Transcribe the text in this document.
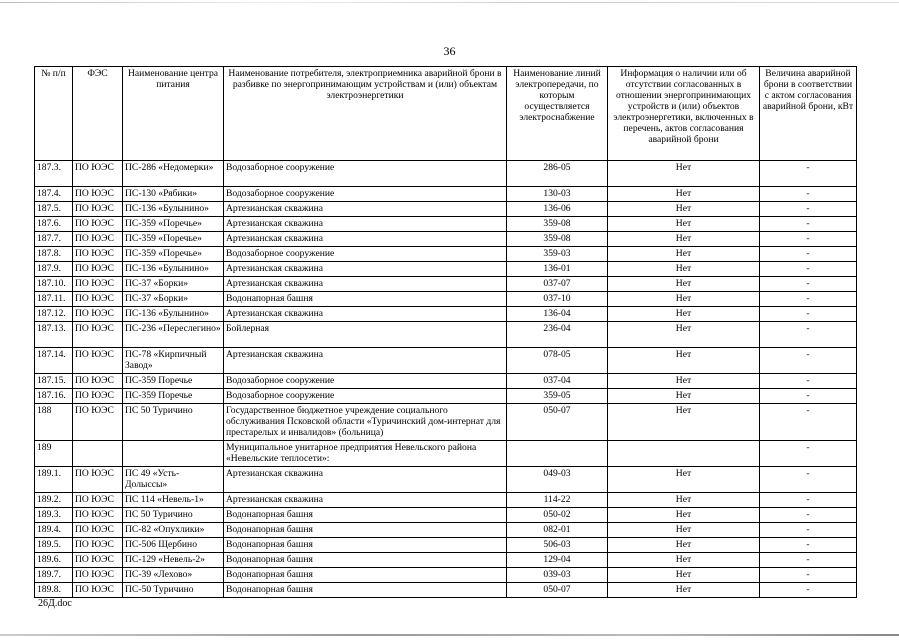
36
№ п/п	ФЭС	Наименование центра питания	Наименование потребителя, электроприемника аварийной брони в разбивке по энергопринимающим устройствам и (или) объектам электроэнергетики	Наименование линий электропередачи, по которым осуществляется электроснабжение	Информация о наличии или об отсутствии согласованных в отношении энергопринимающих устройств и (или) объектов электроэнергетики, включенных в перечень, актов согласования аварийной брони	Величина аварийной брони в соответствии с актом согласования аварийной брони, кВт
187.3.	ПО ЮЭС	ПС-286 «Недомерки»	Водозаборное сооружение	286-05	Нет	-
187.4.	ПО ЮЭС	ПС-130 «Рябики»	Водозаборное сооружение	130-03	Нет	-
187.5.	ПО ЮЭС	ПС-136 «Булынино»	Артезианская скважина	136-06	Нет	-
187.6.	ПО ЮЭС	ПС-359 «Поречье»	Артезианская скважина	359-08	Нет	-
187.7.	ПО ЮЭС	ПС-359 «Поречье»	Артезианская скважина	359-08	Нет	-
187.8.	ПО ЮЭС	ПС-359 «Поречье»	Водозаборное сооружение	359-03	Нет	-
187.9.	ПО ЮЭС	ПС-136 «Булынино»	Артезианская скважина	136-01	Нет	-
187.10.	ПО ЮЭС	ПС-37 «Борки»	Артезианская скважина	037-07	Нет	-
187.11.	ПО ЮЭС	ПС-37 «Борки»	Водонапорная башня	037-10	Нет	-
187.12.	ПО ЮЭС	ПС-136 «Булынино»	Артезианская скважина	136-04	Нет	-
187.13.	ПО ЮЭС	ПС-236 «Переслегино»	Бойлерная	236-04	Нет	-
187.14.	ПО ЮЭС	ПС-78 «Кирпичный Завод»	Артезианская скважина	078-05	Нет	-
187.15.	ПО ЮЭС	ПС-359 Поречье	Водозаборное сооружение	037-04	Нет	-
187.16.	ПО ЮЭС	ПС-359 Поречье	Водозаборное сооружение	359-05	Нет	-
188	ПО ЮЭС	ПС 50 Туричино	Государственное бюджетное учреждение социального обслуживания Псковской области «Туричинский дом-интернат для престарелых и инвалидов» (больница)	050-07	Нет	-
189			Муниципальное унитарное предприятия Невельского района «Невельские теплосети»:			-
189.1.	ПО ЮЭС	ПС 49 «Усть-Долыссы»	Артезианская скважина	049-03	Нет	-
189.2.	ПО ЮЭС	ПС 114 «Невель-1»	Артезианская скважина	114-22	Нет	-
189.3.	ПО ЮЭС	ПС 50 Туричино	Водонапорная башня	050-02	Нет	-
189.4.	ПО ЮЭС	ПС-82 «Опухлики»	Водонапорная башня	082-01	Нет	-
189.5.	ПО ЮЭС	ПС-506 Щербино	Водонапорная башня	506-03	Нет	-
189.6.	ПО ЮЭС	ПС-129 «Невель-2»	Водонапорная башня	129-04	Нет	-
189.7.	ПО ЮЭС	ПС-39 «Лехово»	Водонапорная башня	039-03	Нет	-
189.8.	ПО ЮЭС	ПС-50 Туричино	Водонапорная башня	050-07	Нет	-
26Д.doc
